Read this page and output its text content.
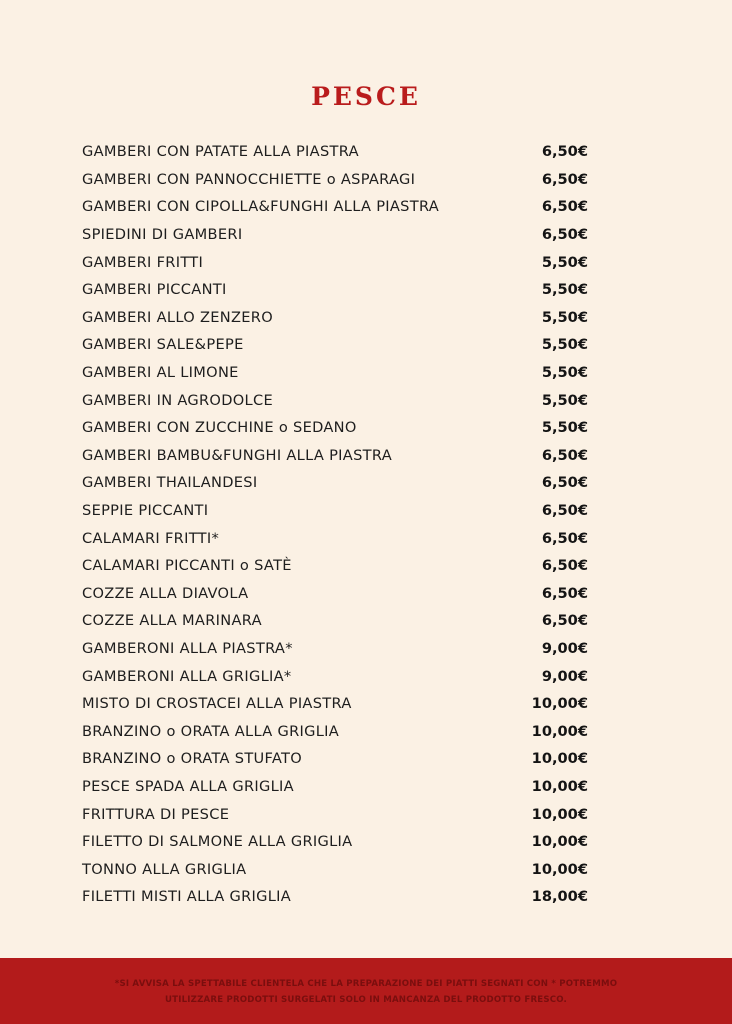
PESCE
GAMBERI CON PATATE ALLA PIASTRA	6,50€
GAMBERI CON PANNOCCHIETTE o ASPARAGI	6,50€
GAMBERI CON CIPOLLA&FUNGHI ALLA PIASTRA	6,50€
SPIEDINI DI GAMBERI	6,50€
GAMBERI FRITTI	5,50€
GAMBERI PICCANTI	5,50€
GAMBERI ALLO ZENZERO	5,50€
GAMBERI SALE&PEPE	5,50€
GAMBERI AL LIMONE	5,50€
GAMBERI IN AGRODOLCE	5,50€
GAMBERI CON ZUCCHINE o SEDANO	5,50€
GAMBERI BAMBU&FUNGHI ALLA PIASTRA	6,50€
GAMBERI THAILANDESI	6,50€
SEPPIE PICCANTI	6,50€
CALAMARI FRITTI*	6,50€
CALAMARI PICCANTI o SATÈ	6,50€
COZZE ALLA DIAVOLA	6,50€
COZZE ALLA MARINARA	6,50€
GAMBERONI ALLA PIASTRA*	9,00€
GAMBERONI ALLA GRIGLIA*	9,00€
MISTO DI CROSTACEI ALLA PIASTRA	10,00€
BRANZINO o ORATA ALLA GRIGLIA	10,00€
BRANZINO o ORATA STUFATO	10,00€
PESCE SPADA ALLA GRIGLIA	10,00€
FRITTURA DI PESCE	10,00€
FILETTO DI SALMONE ALLA GRIGLIA	10,00€
TONNO ALLA GRIGLIA	10,00€
FILETTI MISTI ALLA GRIGLIA	18,00€

*SI AVVISA LA SPETTABILE CLIENTELA CHE LA PREPARAZIONE DEI PIATTI SEGNATI CON * POTREMMO
UTILIZZARE PRODOTTI SURGELATI SOLO IN MANCANZA DEL PRODOTTO FRESCO.
